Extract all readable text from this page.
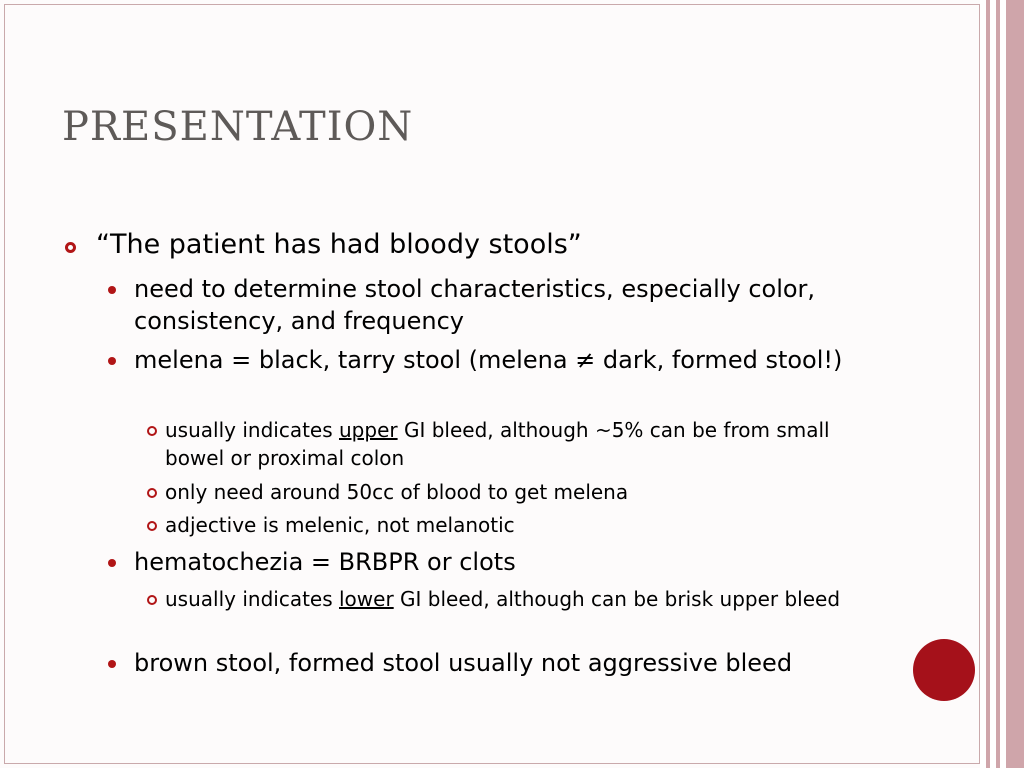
PRESENTATION
“The patient has had bloody stools”
need to determine stool characteristics, especially color, consistency, and frequency
melena = black, tarry stool (melena ≠ dark, formed stool!)
usually indicates upper GI bleed, although ~5% can be from small bowel or proximal colon
only need around 50cc of blood to get melena
adjective is melenic, not melanotic
hematochezia = BRBPR or clots
usually indicates lower GI bleed, although can be brisk upper bleed
brown stool, formed stool usually not aggressive bleed
